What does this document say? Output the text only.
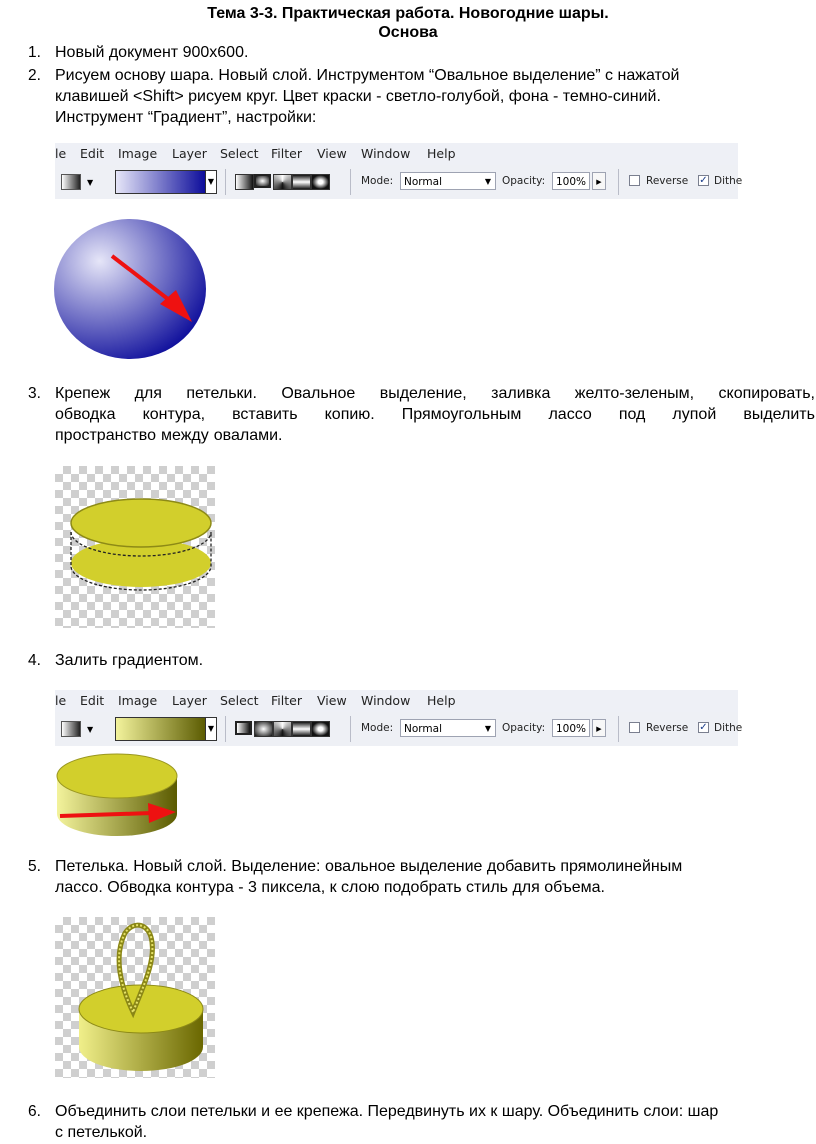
Тема 3-3. Практическая работа. Новогодние шары.
Основа
1. Новый документ 900x600.
2. Рисуем основу шара. Новый слой. Инструментом “Овальное выделение” с нажатой
клавишей <Shift> рисуем круг. Цвет краски - светло-голубой, фона - темно-синий.
Инструмент “Градиент”, настройки:
le Edit Image Layer Select Filter View Window Help
▼	▼	Mode:	Normal	▼ Opacity:	100%	▶	Reverse ✓ Dithe
3. Крепеж для петельки. Овальное выделение, заливка желто-зеленым, скопировать,
обводка контура, вставить копию. Прямоугольным лассо под лупой выделить
пространство между овалами.
4. Залить градиентом.
le Edit Image Layer Select Filter View Window Help
▼	▼	Mode:	Normal	▼ Opacity:	100%	▶	Reverse ✓ Dithe
5. Петелька. Новый слой. Выделение: овальное выделение добавить прямолинейным
лассо. Обводка контура - 3 пиксела, к слою подобрать стиль для объема.
6. Объединить слои петельки и ее крепежа. Передвинуть их к шару. Объединить слои: шар
с петелькой.
